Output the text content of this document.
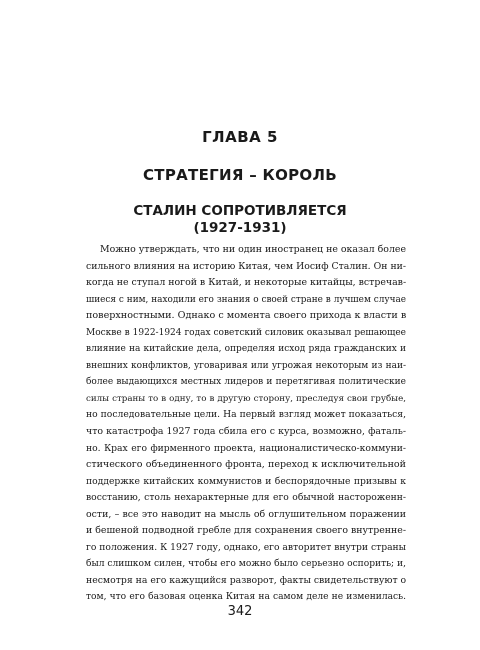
ГЛАВА 5
СТРАТЕГИЯ – КОРОЛЬ
СТАЛИН СОПРОТИВЛЯЕТСЯ
(1927-1931)
Можно утверждать, что ни один иностранец не оказал более
сильного влияния на историю Китая, чем Иосиф Сталин. Он ни-
когда не ступал ногой в Китай, и некоторые китайцы, встречав-
шиеся с ним, находили его знания о своей стране в лучшем случае
поверхностными. Однако с момента своего прихода к власти в
Москве в 1922-1924 годах советский силовик оказывал решающее
влияние на китайские дела, определяя исход ряда гражданских и
внешних конфликтов, уговаривая или угрожая некоторым из наи-
более выдающихся местных лидеров и перетягивая политические
силы страны то в одну, то в другую сторону, преследуя свои грубые,
но последовательные цели. На первый взгляд может показаться,
что катастрофа 1927 года сбила его с курса, возможно, фаталь-
но. Крах его фирменного проекта, националистическо-коммуни-
стического объединенного фронта, переход к исключительной
поддержке китайских коммунистов и беспорядочные призывы к
восстанию, столь нехарактерные для его обычной настороженн-
ости, – все это наводит на мысль об оглушительном поражении
и бешеной подводной гребле для сохранения своего внутренне-
го положения. К 1927 году, однако, его авторитет внутри страны
был слишком силен, чтобы его можно было серьезно оспорить; и,
несмотря на его кажущийся разворот, факты свидетельствуют о
том, что его базовая оценка Китая на самом деле не изменилась.
342
